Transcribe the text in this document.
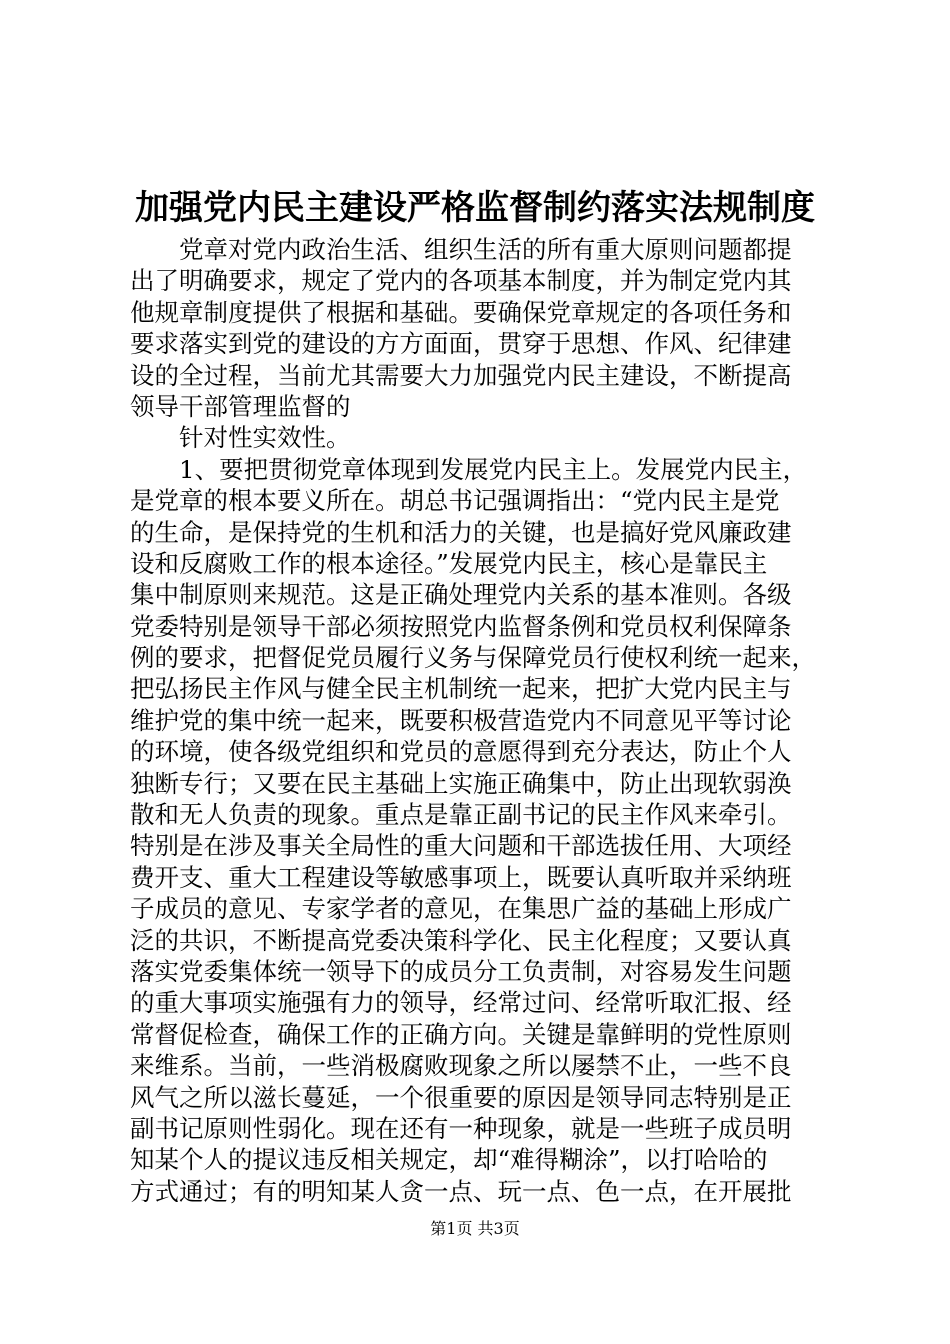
加强党内民主建设严格监督制约落实法规制度
党章对党内政治生活、组织生活的所有重大原则问题都提
出了明确要求，规定了党内的各项基本制度，并为制定党内其
他规章制度提供了根据和基础。要确保党章规定的各项任务和
要求落实到党的建设的方方面面，贯穿于思想、作风、纪律建
设的全过程，当前尤其需要大力加强党内民主建设，不断提高
领导干部管理监督的
针对性实效性。
1、要把贯彻党章体现到发展党内民主上。发展党内民主，
是党章的根本要义所在。胡总书记强调指出：“党内民主是党
的生命，是保持党的生机和活力的关键，也是搞好党风廉政建
设和反腐败工作的根本途径。”发展党内民主，核心是靠民主
集中制原则来规范。这是正确处理党内关系的基本准则。各级
党委特别是领导干部必须按照党内监督条例和党员权利保障条
例的要求，把督促党员履行义务与保障党员行使权利统一起来，
把弘扬民主作风与健全民主机制统一起来，把扩大党内民主与
维护党的集中统一起来，既要积极营造党内不同意见平等讨论
的环境，使各级党组织和党员的意愿得到充分表达，防止个人
独断专行；又要在民主基础上实施正确集中，防止出现软弱涣
散和无人负责的现象。重点是靠正副书记的民主作风来牵引。
特别是在涉及事关全局性的重大问题和干部选拔任用、大项经
费开支、重大工程建设等敏感事项上，既要认真听取并采纳班
子成员的意见、专家学者的意见，在集思广益的基础上形成广
泛的共识，不断提高党委决策科学化、民主化程度；又要认真
落实党委集体统一领导下的成员分工负责制，对容易发生问题
的重大事项实施强有力的领导，经常过问、经常听取汇报、经
常督促检查，确保工作的正确方向。关键是靠鲜明的党性原则
来维系。当前，一些消极腐败现象之所以屡禁不止，一些不良
风气之所以滋长蔓延，一个很重要的原因是领导同志特别是正
副书记原则性弱化。现在还有一种现象，就是一些班子成员明
知某个人的提议违反相关规定，却“难得糊涂”，以打哈哈的
方式通过；有的明知某人贪一点、玩一点、色一点，在开展批
第1页 共3页
